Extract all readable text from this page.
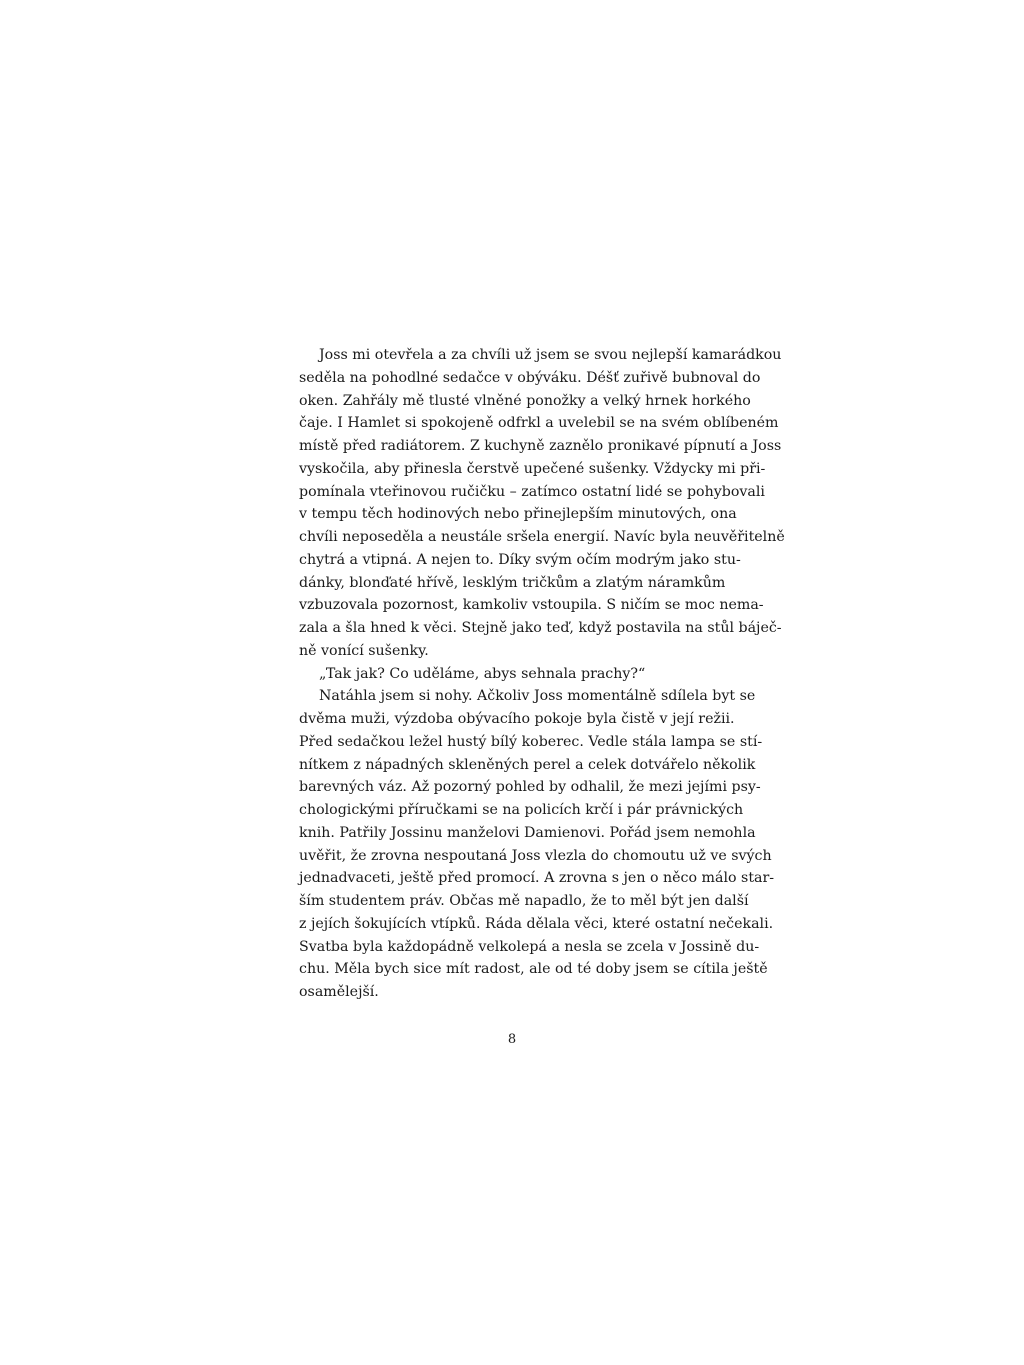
Joss mi otevřela a za chvíli už jsem se svou nejlepší kamarádkou
seděla na pohodlné sedačce v obýváku. Déšť zuřivě bubnoval do
oken. Zahřály mě tlusté vlněné ponožky a velký hrnek horkého
čaje. I Hamlet si spokojeně odfrkl a uvelebil se na svém oblíbeném
místě před radiátorem. Z kuchyně zaznělo pronikavé pípnutí a Joss
vyskočila, aby přinesla čerstvě upečené sušenky. Vždycky mi při-
pomínala vteřinovou ručičku – zatímco ostatní lidé se pohybovali
v tempu těch hodinových nebo přinejlepším minutových, ona
chvíli neposeděla a neustále sršela energií. Navíc byla neuvěřitelně
chytrá a vtipná. A nejen to. Díky svým očím modrým jako stu-
dánky, blonďaté hřívě, lesklým tričkům a zlatým náramkům
vzbuzovala pozornost, kamkoliv vstoupila. S ničím se moc nema-
zala a šla hned k věci. Stejně jako teď, když postavila na stůl báječ-
ně vonící sušenky.
„Tak jak? Co uděláme, abys sehnala prachy?“
Natáhla jsem si nohy. Ačkoliv Joss momentálně sdílela byt se
dvěma muži, výzdoba obývacího pokoje byla čistě v její režii.
Před sedačkou ležel hustý bílý koberec. Vedle stála lampa se stí-
nítkem z nápadných skleněných perel a celek dotvářelo několik
barevných váz. Až pozorný pohled by odhalil, že mezi jejími psy-
chologickými příručkami se na policích krčí i pár právnických
knih. Patřily Jossinu manželovi Damienovi. Pořád jsem nemohla
uvěřit, že zrovna nespoutaná Joss vlezla do chomoutu už ve svých
jednadvaceti, ještě před promocí. A zrovna s jen o něco málo star-
ším studentem práv. Občas mě napadlo, že to měl být jen další
z jejích šokujících vtípků. Ráda dělala věci, které ostatní nečekali.
Svatba byla každopádně velkolepá a nesla se zcela v Jossině du-
chu. Měla bych sice mít radost, ale od té doby jsem se cítila ještě
osamělejší.
8
